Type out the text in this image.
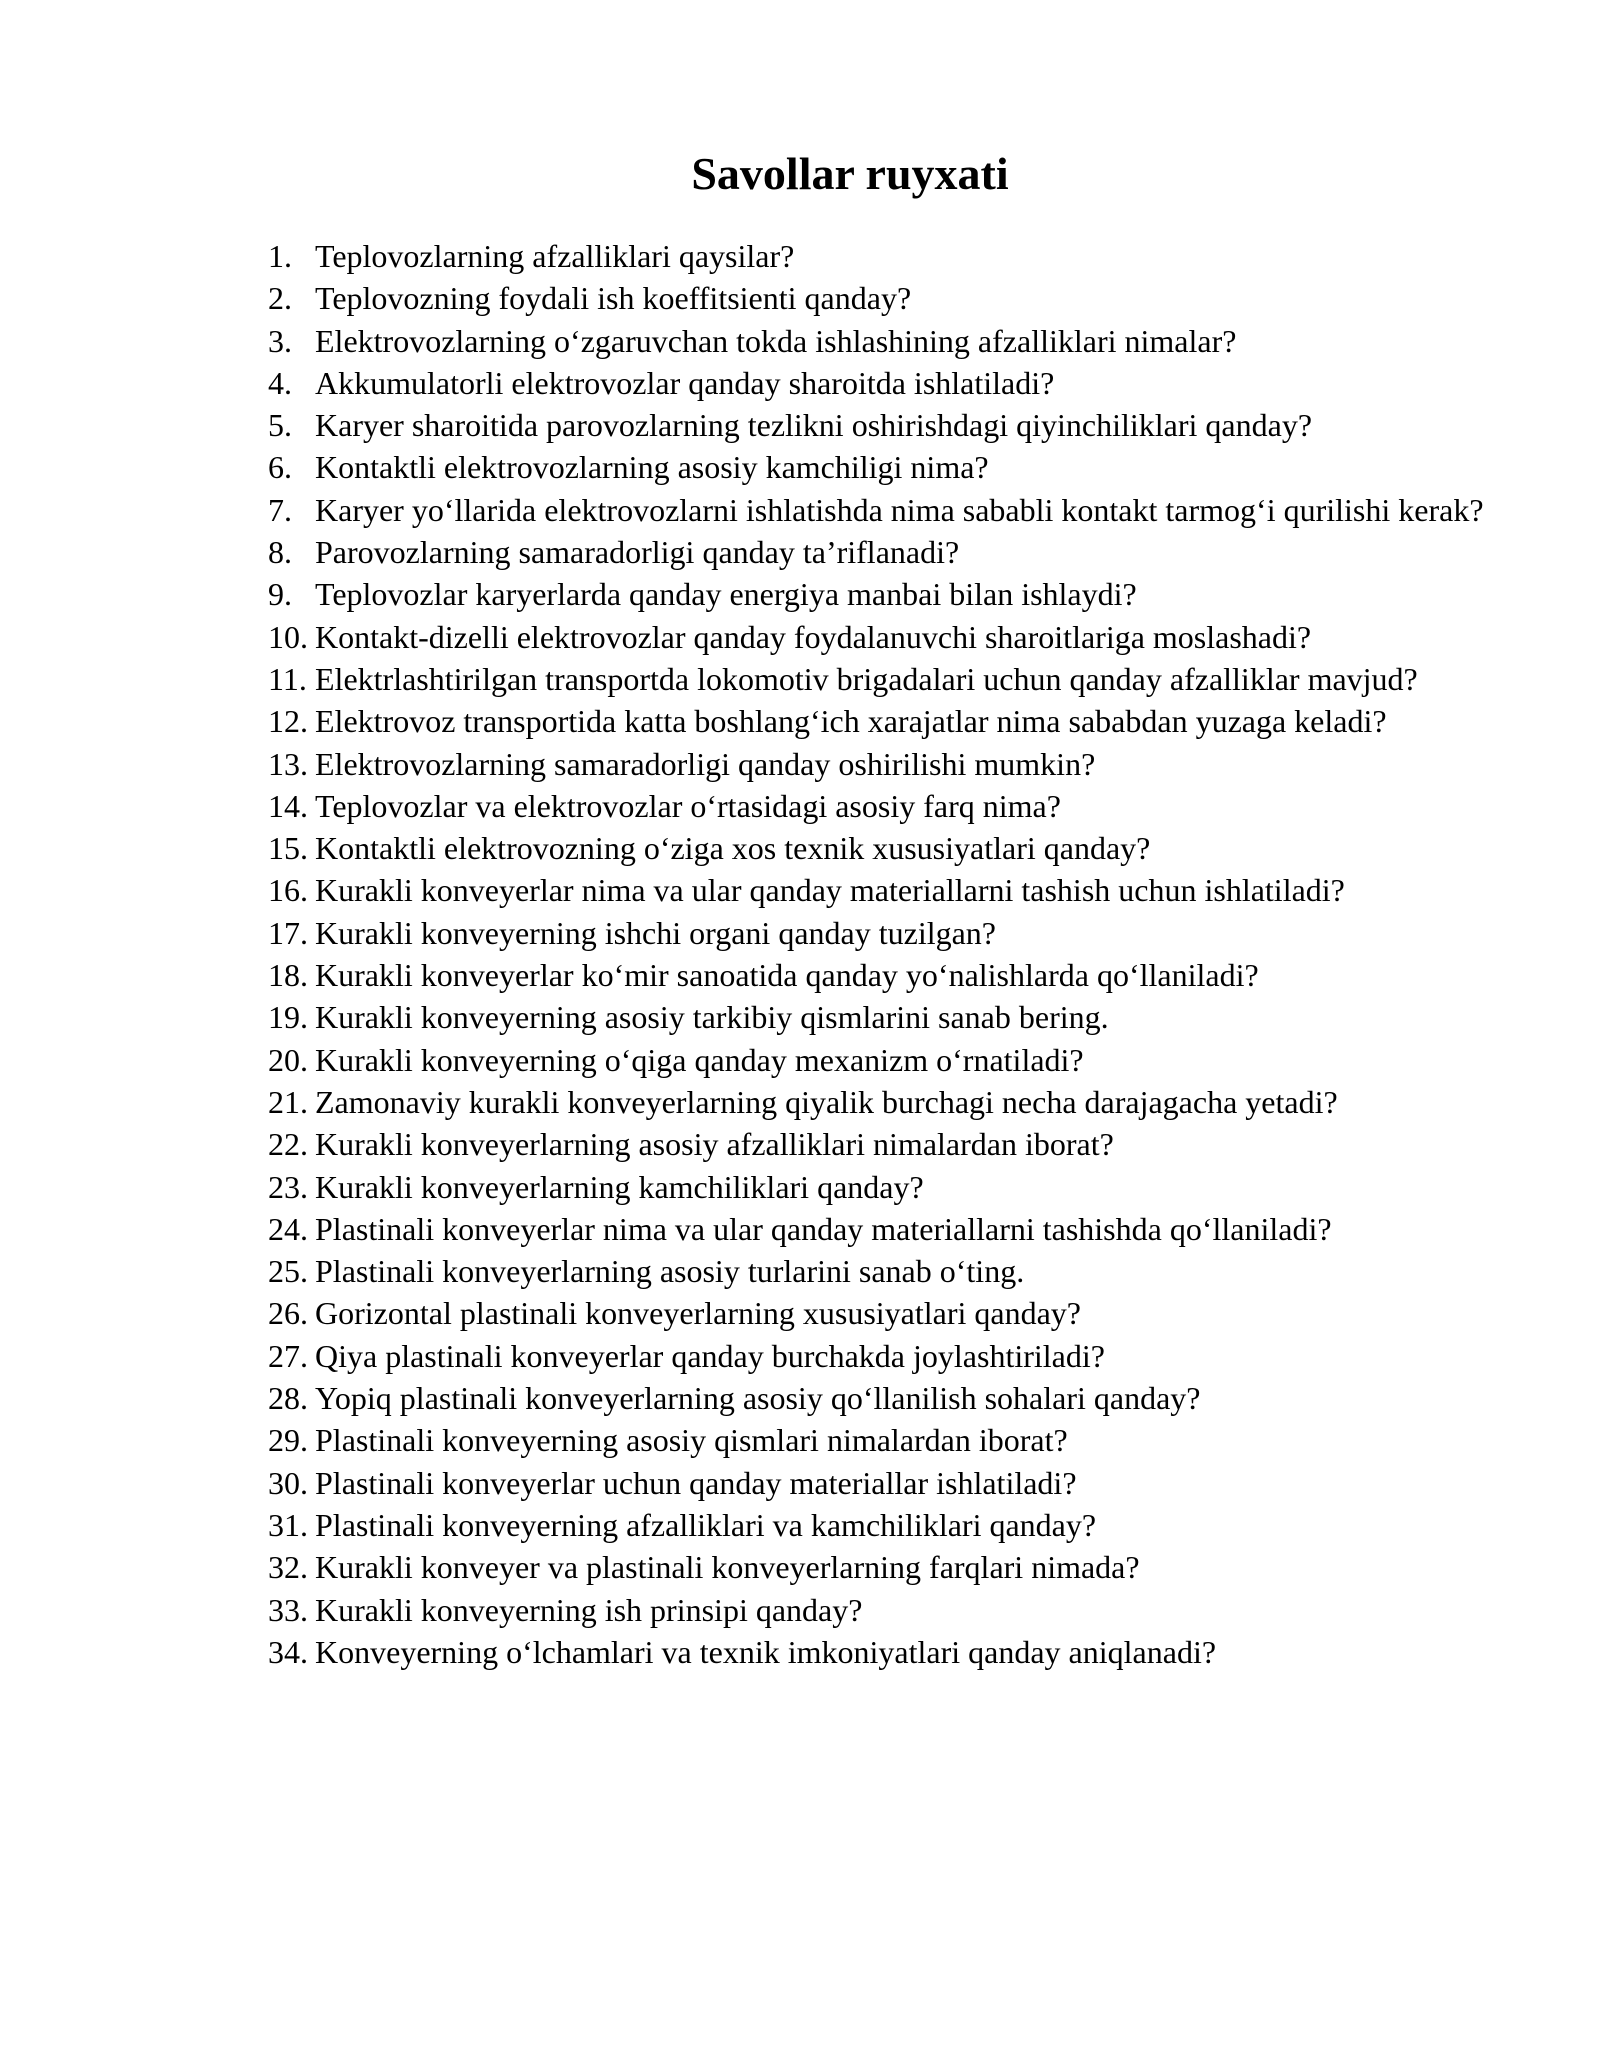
Savollar ruyxati
1. Teplovozlarning afzalliklari qaysilar?
2. Teplovozning foydali ish koeffitsienti qanday?
3. Elektrovozlarning o‘zgaruvchan tokda ishlashining afzalliklari nimalar?
4. Akkumulatorli elektrovozlar qanday sharoitda ishlatiladi?
5. Karyer sharoitida parovozlarning tezlikni oshirishdagi qiyinchiliklari qanday?
6. Kontaktli elektrovozlarning asosiy kamchiligi nima?
7. Karyer yo‘llarida elektrovozlarni ishlatishda nima sababli kontakt tarmog‘i qurilishi kerak?
8. Parovozlarning samaradorligi qanday ta’riflanadi?
9. Teplovozlar karyerlarda qanday energiya manbai bilan ishlaydi?
10. Kontakt-dizelli elektrovozlar qanday foydalanuvchi sharoitlariga moslashadi?
11. Elektrlashtirilgan transportda lokomotiv brigadalari uchun qanday afzalliklar mavjud?
12. Elektrovoz transportida katta boshlang‘ich xarajatlar nima sababdan yuzaga keladi?
13. Elektrovozlarning samaradorligi qanday oshirilishi mumkin?
14. Teplovozlar va elektrovozlar o‘rtasidagi asosiy farq nima?
15. Kontaktli elektrovozning o‘ziga xos texnik xususiyatlari qanday?
16. Kurakli konveyerlar nima va ular qanday materiallarni tashish uchun ishlatiladi?
17. Kurakli konveyerning ishchi organi qanday tuzilgan?
18. Kurakli konveyerlar ko‘mir sanoatida qanday yo‘nalishlarda qo‘llaniladi?
19. Kurakli konveyerning asosiy tarkibiy qismlarini sanab bering.
20. Kurakli konveyerning o‘qiga qanday mexanizm o‘rnatiladi?
21. Zamonaviy kurakli konveyerlarning qiyalik burchagi necha darajagacha yetadi?
22. Kurakli konveyerlarning asosiy afzalliklari nimalardan iborat?
23. Kurakli konveyerlarning kamchiliklari qanday?
24. Plastinali konveyerlar nima va ular qanday materiallarni tashishda qo‘llaniladi?
25. Plastinali konveyerlarning asosiy turlarini sanab o‘ting.
26. Gorizontal plastinali konveyerlarning xususiyatlari qanday?
27. Qiya plastinali konveyerlar qanday burchakda joylashtiriladi?
28. Yopiq plastinali konveyerlarning asosiy qo‘llanilish sohalari qanday?
29. Plastinali konveyerning asosiy qismlari nimalardan iborat?
30. Plastinali konveyerlar uchun qanday materiallar ishlatiladi?
31. Plastinali konveyerning afzalliklari va kamchiliklari qanday?
32. Kurakli konveyer va plastinali konveyerlarning farqlari nimada?
33. Kurakli konveyerning ish prinsipi qanday?
34. Konveyerning o‘lchamlari va texnik imkoniyatlari qanday aniqlanadi?
